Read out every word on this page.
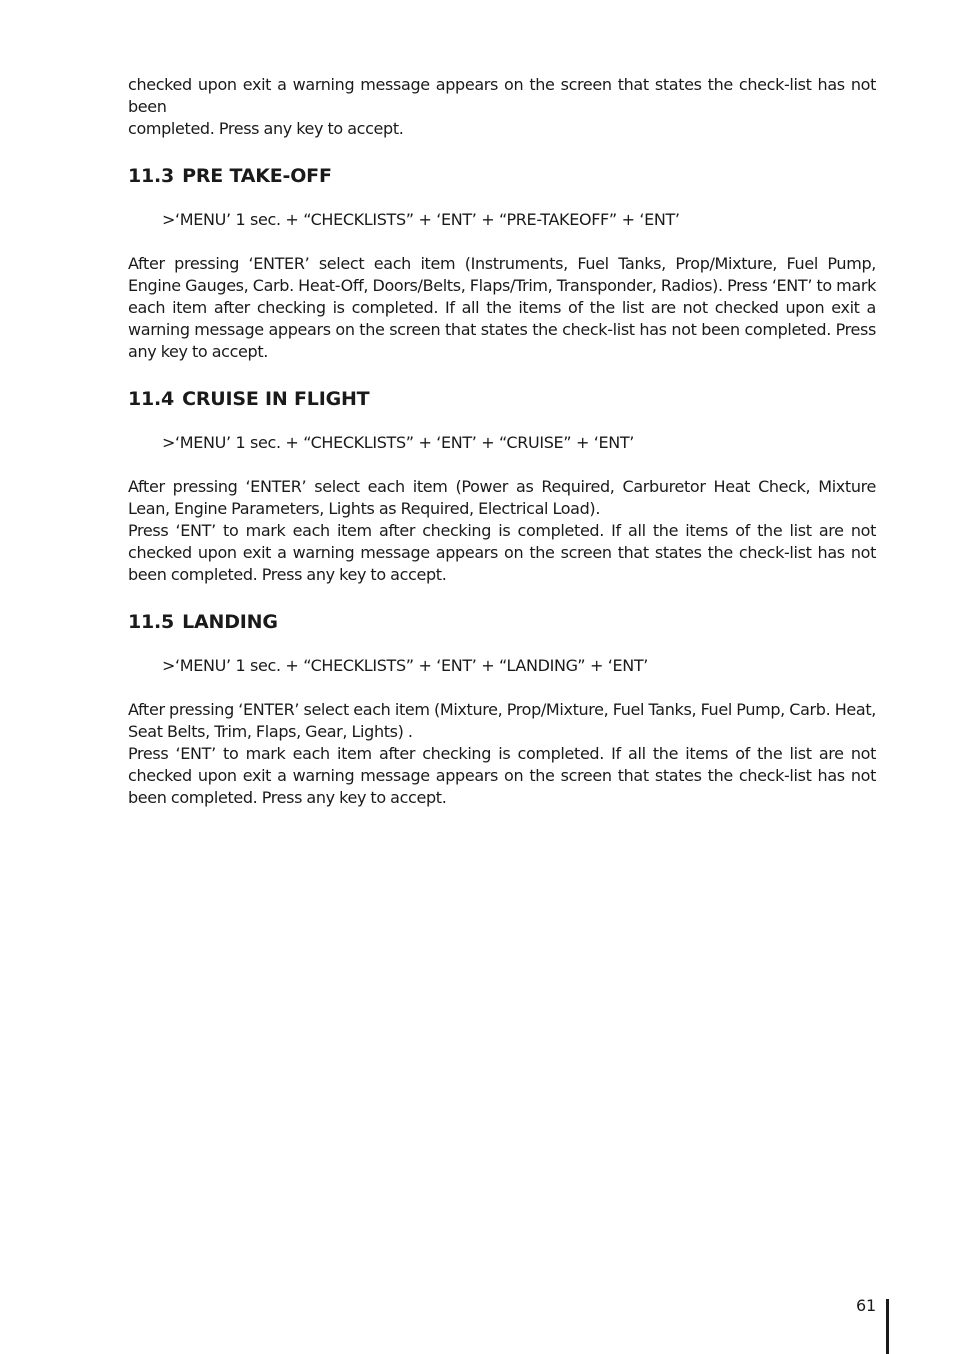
checked upon exit a warning message appears on the screen that states the check-list has not been
completed. Press any key to accept.

11.3 PRE TAKE-OFF

>‘MENU’ 1 sec. + “CHECKLISTS” + ‘ENT’ + “PRE-TAKEOFF” + ‘ENT’

After pressing ‘ENTER’ select each item (Instruments, Fuel Tanks, Prop/Mixture, Fuel Pump, Engine Gauges, Carb. Heat-Off, Doors/Belts, Flaps/Trim, Transponder, Radios). Press ‘ENT’ to mark each item after checking is completed. If all the items of the list are not checked upon exit a warning message appears on the screen that states the check-list has not been completed. Press any key to accept.

11.4 CRUISE IN FLIGHT

>‘MENU’ 1 sec. + “CHECKLISTS” + ‘ENT’ + “CRUISE” + ‘ENT’

After pressing ‘ENTER’ select each item (Power as Required, Carburetor Heat Check, Mixture Lean, Engine Parameters, Lights as Required, Electrical Load).

Press ‘ENT’ to mark each item after checking is completed. If all the items of the list are not checked upon exit a warning message appears on the screen that states the check-list has not been completed. Press any key to accept.

11.5 LANDING

>‘MENU’ 1 sec. + “CHECKLISTS” + ‘ENT’ + “LANDING” + ‘ENT’

After pressing ‘ENTER’ select each item (Mixture, Prop/Mixture, Fuel Tanks, Fuel Pump, Carb. Heat, Seat Belts, Trim, Flaps, Gear, Lights) .

Press ‘ENT’ to mark each item after checking is completed. If all the items of the list are not checked upon exit a warning message appears on the screen that states the check-list has not been completed. Press any key to accept.

61
